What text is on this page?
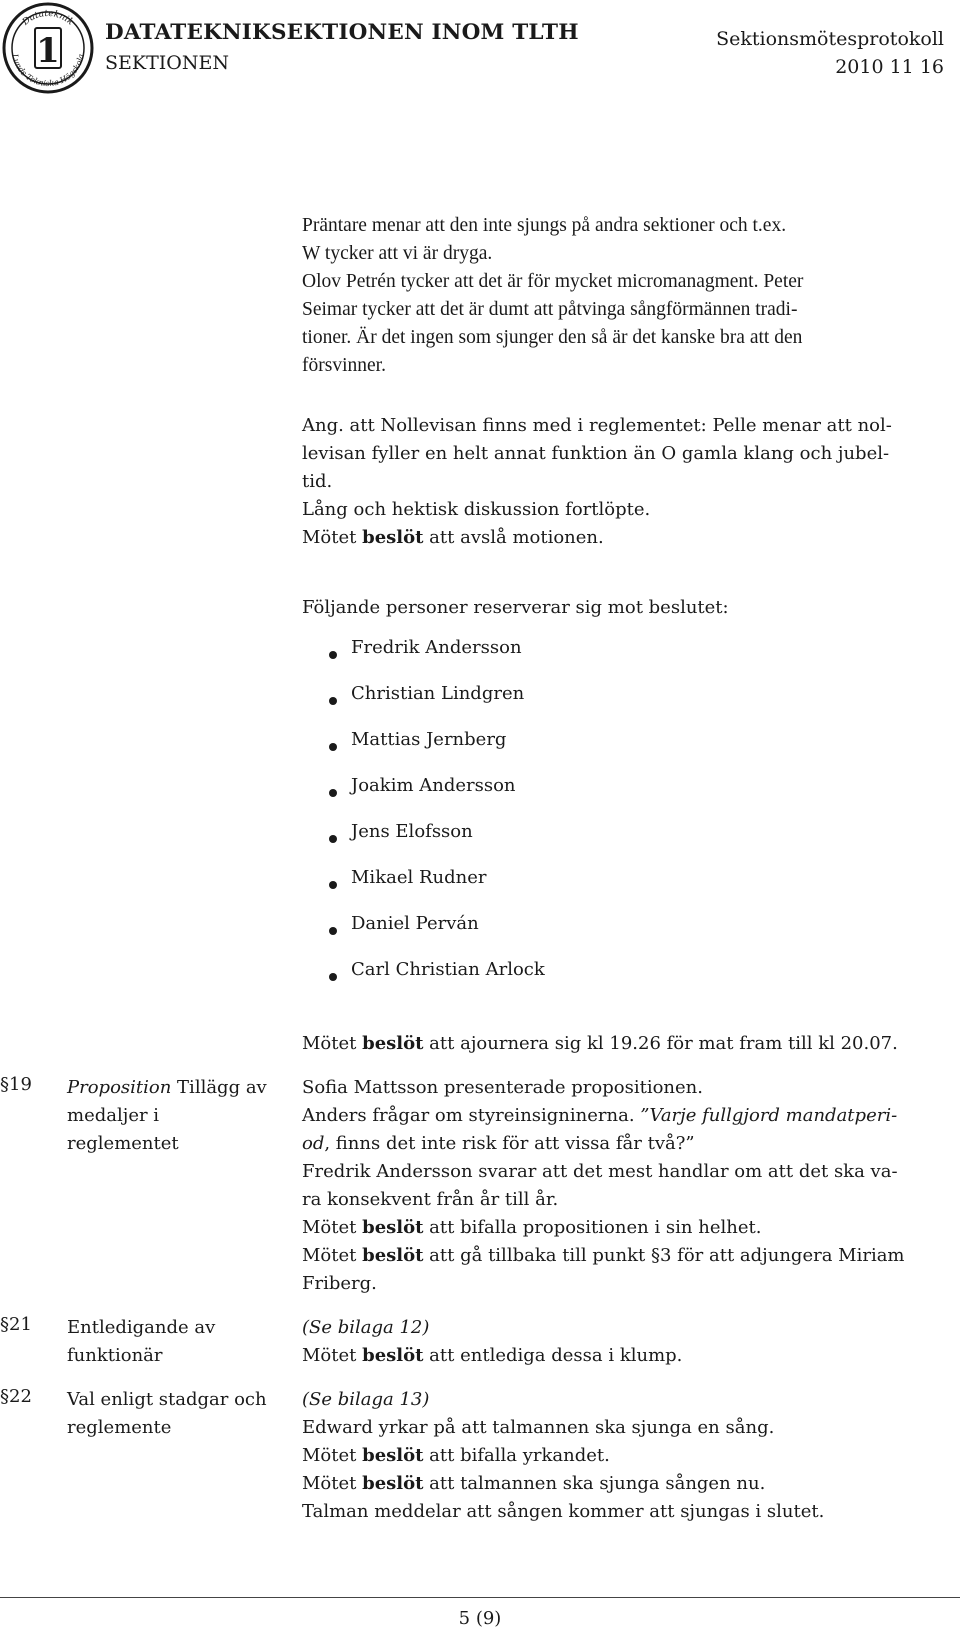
Datateknik
Lunds Tekniska Högskola
1 DATATEKNIKSEKTIONEN INOM TLTH
SEKTIONEN
Sektionsmötesprotokoll
2010 11 16
Präntare menar att den inte sjungs på andra sektioner och t.ex.
W tycker att vi är dryga.
Olov Petrén tycker att det är för mycket micromanagment. Peter
Seimar tycker att det är dumt att påtvinga sångförmännen tradi-
tioner. Är det ingen som sjunger den så är det kanske bra att den
försvinner.
Ang. att Nollevisan finns med i reglementet: Pelle menar att nol-
levisan fyller en helt annat funktion än O gamla klang och jubel-
tid.
Lång och hektisk diskussion fortlöpte.
Mötet beslöt att avslå motionen.
Följande personer reserverar sig mot beslutet:
Fredrik Andersson
Christian Lindgren
Mattias Jernberg
Joakim Andersson
Jens Elofsson
Mikael Rudner
Daniel Perván
Carl Christian Arlock
Mötet beslöt att ajournera sig kl 19.26 för mat fram till kl 20.07.
§19 Proposition Tillägg av
medaljer i
reglementet
Sofia Mattsson presenterade propositionen.
Anders frågar om styreinsigninerna. ”Varje fullgjord mandatperi-
od, finns det inte risk för att vissa får två?”
Fredrik Andersson svarar att det mest handlar om att det ska va-
ra konsekvent från år till år.
Mötet beslöt att bifalla propositionen i sin helhet.
Mötet beslöt att gå tillbaka till punkt §3 för att adjungera Miriam
Friberg.
§21 Entledigande av
funktionär
(Se bilaga 12)
Mötet beslöt att entlediga dessa i klump.
§22 Val enligt stadgar och
reglemente
(Se bilaga 13)
Edward yrkar på att talmannen ska sjunga en sång.
Mötet beslöt att bifalla yrkandet.
Mötet beslöt att talmannen ska sjunga sången nu.
Talman meddelar att sången kommer att sjungas i slutet.
5 (9)
